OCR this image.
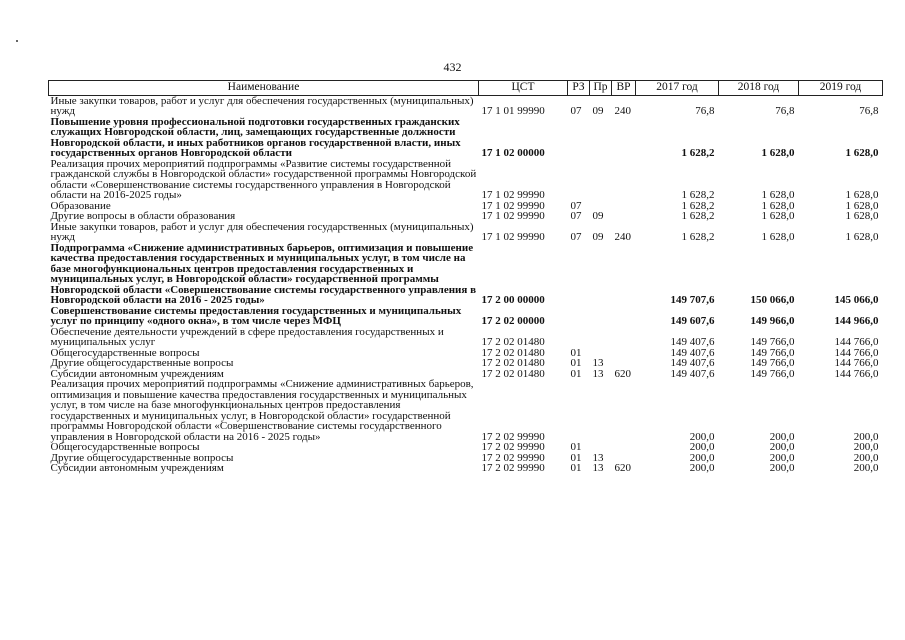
432
Наименование	ЦСТ	РЗ	Пр	ВР	2017 год	2018 год	2019 год
Иные закупки товаров, работ и услуг для обеспечения государственных (муниципальных) нужд	17 1 01 99990	07	09	240	76,8	76,8	76,8
Повышение уровня профессиональной подготовки государственных гражданских служащих Новгородской области, лиц, замещающих государственные должности Новгородской области, и иных работников органов государственной власти, иных государственных органов Новгородской области	17 1 02 00000				1 628,2	1 628,0	1 628,0
Реализация прочих мероприятий подпрограммы «Развитие системы государственной гражданской службы в Новгородской области» государственной программы Новгородской области «Совершенствование системы государственного управления в Новгородской области на 2016-2025 годы»	17 1 02 99990				1 628,2	1 628,0	1 628,0
Образование	17 1 02 99990	07			1 628,2	1 628,0	1 628,0
Другие вопросы в области образования	17 1 02 99990	07	09		1 628,2	1 628,0	1 628,0
Иные закупки товаров, работ и услуг для обеспечения государственных (муниципальных) нужд	17 1 02 99990	07	09	240	1 628,2	1 628,0	1 628,0
Подпрограмма «Снижение административных барьеров, оптимизация и повышение качества предоставления государственных и муниципальных услуг, в том числе на базе многофункциональных центров предоставления государственных и муниципальных услуг, в Новгородской области» государственной программы Новгородской области «Совершенствование системы государственного управления в Новгородской области на 2016 - 2025 годы»	17 2 00 00000				149 707,6	150 066,0	145 066,0
Совершенствование системы предоставления государственных и муниципальных услуг по принципу «одного окна», в том числе через МФЦ	17 2 02 00000				149 607,6	149 966,0	144 966,0
Обеспечение деятельности учреждений в сфере предоставления государственных и муниципальных услуг	17 2 02 01480				149 407,6	149 766,0	144 766,0
Общегосударственные вопросы	17 2 02 01480	01			149 407,6	149 766,0	144 766,0
Другие общегосударственные вопросы	17 2 02 01480	01	13		149 407,6	149 766,0	144 766,0
Субсидии автономным учреждениям	17 2 02 01480	01	13	620	149 407,6	149 766,0	144 766,0
Реализация прочих мероприятий подпрограммы «Снижение административных барьеров, оптимизация и повышение качества предоставления государственных и муниципальных услуг, в том числе на базе многофункциональных центров предоставления государственных и муниципальных услуг, в Новгородской области» государственной программы Новгородской области «Совершенствование системы государственного управления в Новгородской области на 2016 - 2025 годы»	17 2 02 99990				200,0	200,0	200,0
Общегосударственные вопросы	17 2 02 99990	01			200,0	200,0	200,0
Другие общегосударственные вопросы	17 2 02 99990	01	13		200,0	200,0	200,0
Субсидии автономным учреждениям	17 2 02 99990	01	13	620	200,0	200,0	200,0
